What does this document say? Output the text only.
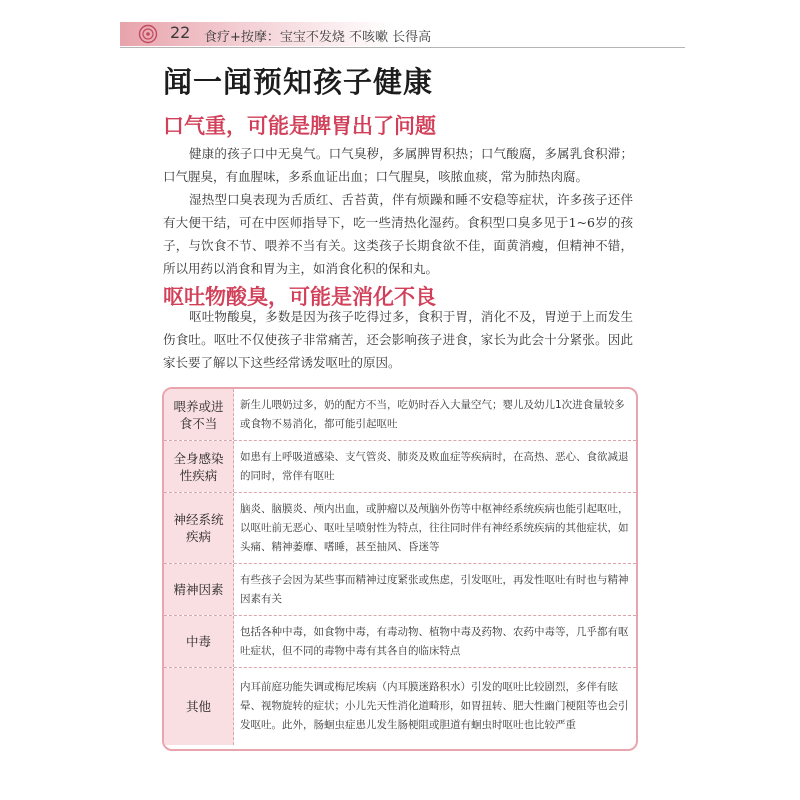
22 食疗+按摩：宝宝不发烧 不咳嗽 长得高
闻一闻预知孩子健康
口气重，可能是脾胃出了问题

健康的孩子口中无臭气。口气臭秽，多属脾胃积热；口气酸腐，多属乳食积滞；口气腥臭，有血腥味，多系血证出血；口气腥臭，咳脓血痰，常为肺热肉腐。

湿热型口臭表现为舌质红、舌苔黄，伴有烦躁和睡不安稳等症状，许多孩子还伴有大便干结，可在中医师指导下，吃一些清热化湿药。食积型口臭多见于1~6岁的孩子，与饮食不节、喂养不当有关。这类孩子长期食欲不佳，面黄消瘦，但精神不错，所以用药以消食和胃为主，如消食化积的保和丸。

呕吐物酸臭，可能是消化不良

呕吐物酸臭，多数是因为孩子吃得过多，食积于胃，消化不及，胃逆于上而发生伤食吐。呕吐不仅使孩子非常痛苦，还会影响孩子进食，家长为此会十分紧张。因此家长要了解以下这些经常诱发呕吐的原因。

喂养或进食不当
新生儿喂奶过多，奶的配方不当，吃奶时吞入大量空气；婴儿及幼儿1次进食量较多或食物不易消化，都可能引起呕吐
全身感染性疾病
如患有上呼吸道感染、支气管炎、肺炎及败血症等疾病时，在高热、恶心、食欲减退的同时，常伴有呕吐
神经系统疾病
脑炎、脑膜炎、颅内出血，或肿瘤以及颅脑外伤等中枢神经系统疾病也能引起呕吐，以呕吐前无恶心、呕吐呈喷射性为特点，往往同时伴有神经系统疾病的其他症状，如头痛、精神萎靡、嗜睡，甚至抽风、昏迷等
精神因素
有些孩子会因为某些事而精神过度紧张或焦虑，引发呕吐，再发性呕吐有时也与精神因素有关
中毒
包括各种中毒，如食物中毒，有毒动物、植物中毒及药物、农药中毒等，几乎都有呕吐症状，但不同的毒物中毒有其各自的临床特点
其他
内耳前庭功能失调或梅尼埃病（内耳膜迷路积水）引发的呕吐比较剧烈，多伴有眩晕、视物旋转的症状；小儿先天性消化道畸形，如胃扭转、肥大性幽门梗阻等也会引发呕吐。此外，肠蛔虫症患儿发生肠梗阻或胆道有蛔虫时呕吐也比较严重
